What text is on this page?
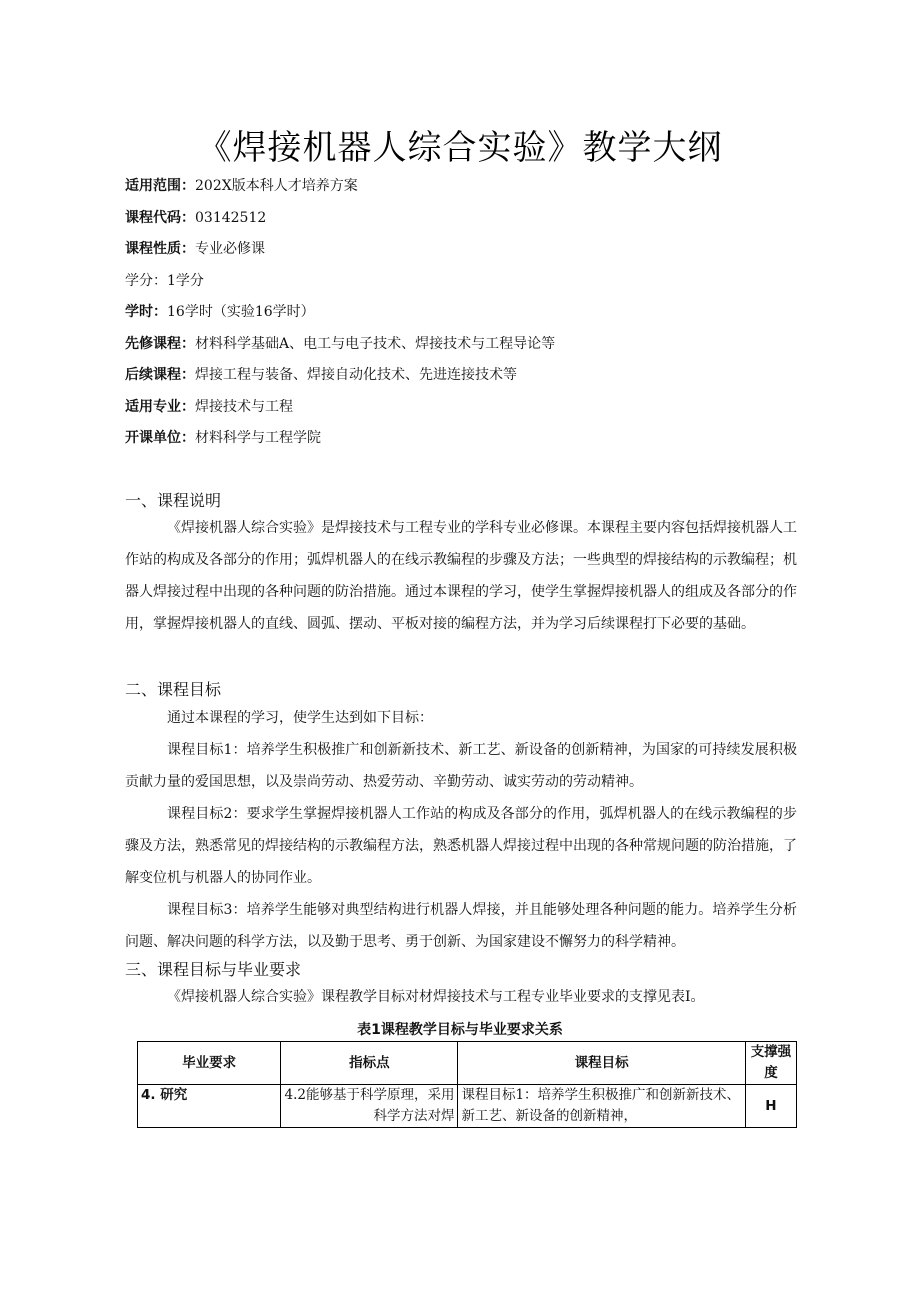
《焊接机器人综合实验》教学大纲
适用范围：202X版本科人才培养方案
课程代码：03142512
课程性质：专业必修课
学分：1学分
学时：16学时（实验16学时）
先修课程：材料科学基础A、电工与电子技术、焊接技术与工程导论等
后续课程：焊接工程与装备、焊接自动化技术、先进连接技术等
适用专业：焊接技术与工程
开课单位：材料科学与工程学院
一、课程说明

《焊接机器人综合实验》是焊接技术与工程专业的学科专业必修课。本课程主要内容包括焊接机器人工作站的构成及各部分的作用；弧焊机器人的在线示教编程的步骤及方法；一些典型的焊接结构的示教编程；机器人焊接过程中出现的各种问题的防治措施。通过本课程的学习，使学生掌握焊接机器人的组成及各部分的作用，掌握焊接机器人的直线、圆弧、摆动、平板对接的编程方法，并为学习后续课程打下必要的基础。

二、课程目标

通过本课程的学习，使学生达到如下目标：

课程目标1：培养学生积极推广和创新新技术、新工艺、新设备的创新精神，为国家的可持续发展积极贡献力量的爱国思想，以及崇尚劳动、热爱劳动、辛勤劳动、诚实劳动的劳动精神。

课程目标2：要求学生掌握焊接机器人工作站的构成及各部分的作用，弧焊机器人的在线示教编程的步骤及方法，熟悉常见的焊接结构的示教编程方法，熟悉机器人焊接过程中出现的各种常规问题的防治措施，了解变位机与机器人的协同作业。

课程目标3：培养学生能够对典型结构进行机器人焊接，并且能够处理各种问题的能力。培养学生分析问题、解决问题的科学方法，以及勤于思考、勇于创新、为国家建设不懈努力的科学精神。

三、课程目标与毕业要求

《焊接机器人综合实验》课程教学目标对材焊接技术与工程专业毕业要求的支撑见表I。

表1课程教学目标与毕业要求关系
毕业要求	指标点	课程目标	支撑强度
4. 研究	4.2能够基于科学原理，采用科学方法对焊	课程目标1：培养学生积极推广和创新新技术、新工艺、新设备的创新精神，	H
